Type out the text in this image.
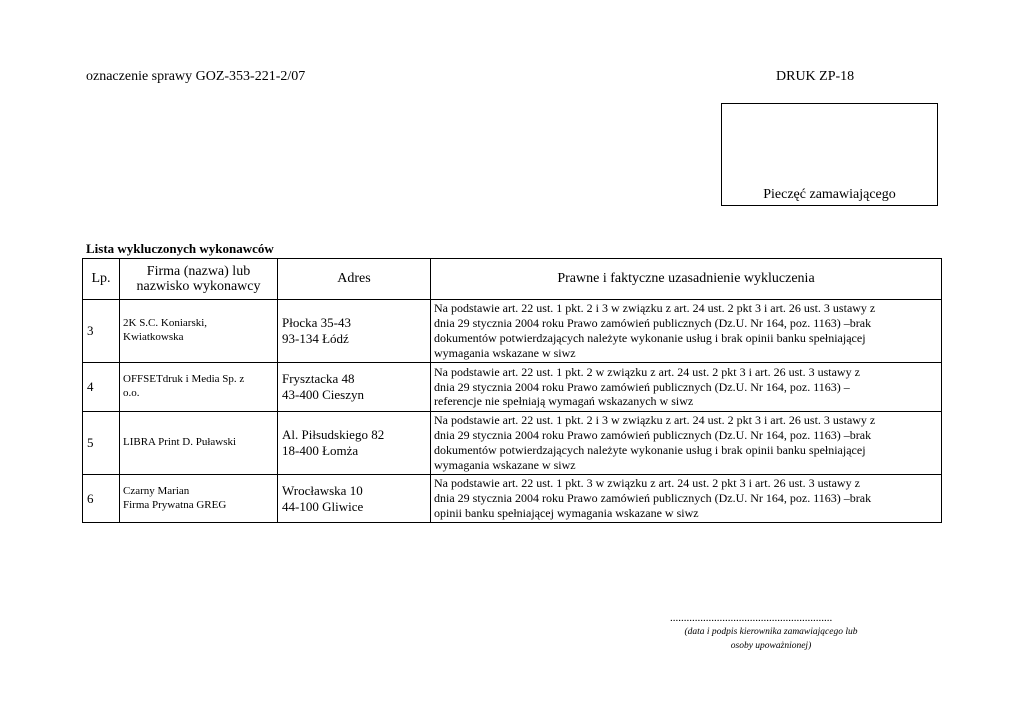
oznaczenie sprawy GOZ-353-221-2/07	DRUK ZP-18
Pieczęć zamawiającego
Lista wykluczonych wykonawców
Lp.	Firma (nazwa) lub
nazwisko wykonawcy	Adres	Prawne i faktyczne uzasadnienie wykluczenia
3	2K S.C. Koniarski,
Kwiatkowska	Płocka 35-43
93-134 Łódź	Na podstawie art. 22 ust. 1 pkt. 2 i 3 w związku z art. 24 ust. 2 pkt 3 i art. 26 ust. 3 ustawy z
dnia 29 stycznia 2004 roku Prawo zamówień publicznych (Dz.U. Nr 164, poz. 1163) –brak
dokumentów potwierdzających należyte wykonanie usług i brak opinii banku spełniającej
wymagania wskazane w siwz
4	OFFSETdruk i Media Sp. z
o.o.	Frysztacka 48
43-400 Cieszyn	Na podstawie art. 22 ust. 1 pkt. 2 w związku z art. 24 ust. 2 pkt 3 i art. 26 ust. 3 ustawy z
dnia 29 stycznia 2004 roku Prawo zamówień publicznych (Dz.U. Nr 164, poz. 1163) –
referencje nie spełniają wymagań wskazanych w siwz
5	LIBRA Print D. Puławski	Al. Piłsudskiego 82
18-400 Łomża	Na podstawie art. 22 ust. 1 pkt. 2 i 3 w związku z art. 24 ust. 2 pkt 3 i art. 26 ust. 3 ustawy z
dnia 29 stycznia 2004 roku Prawo zamówień publicznych (Dz.U. Nr 164, poz. 1163) –brak
dokumentów potwierdzających należyte wykonanie usług i brak opinii banku spełniającej
wymagania wskazane w siwz
6	Czarny Marian
Firma Prywatna GREG	Wrocławska 10
44-100 Gliwice	Na podstawie art. 22 ust. 1 pkt. 3 w związku z art. 24 ust. 2 pkt 3 i art. 26 ust. 3 ustawy z
dnia 29 stycznia 2004 roku Prawo zamówień publicznych (Dz.U. Nr 164, poz. 1163) –brak
opinii banku spełniającej wymagania wskazane w siwz
...........................................................
(data i podpis kierownika zamawiającego lub
osoby upoważnionej)
